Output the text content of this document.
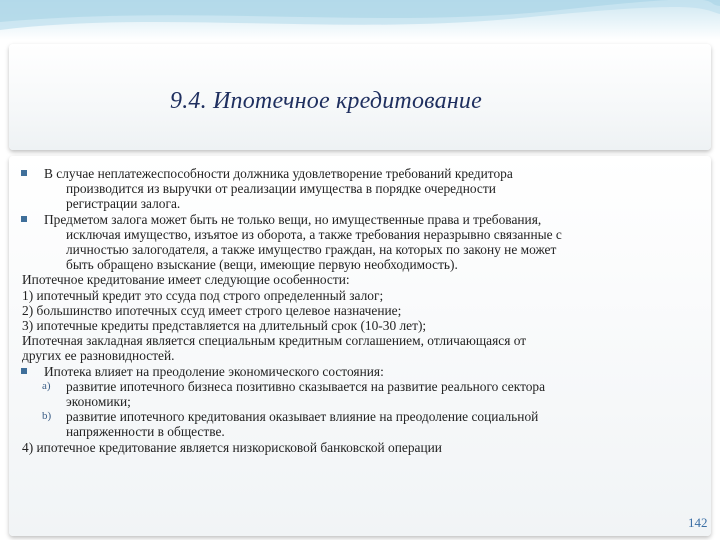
9.4. Ипотечное кредитование
В случае неплатежеспособности должника удовлетворение требований кредитора
производится из выручки от реализации имущества в порядке очередности
регистрации залога.
Предметом залога может быть не только вещи, но имущественные права и требования,
исключая имущество, изъятое из оборота, а также требования неразрывно связанные с
личностью залогодателя, а также имущество граждан, на которых по закону не может
быть обращено взыскание (вещи, имеющие первую необходимость).
Ипотечное кредитование имеет следующие особенности:
1) ипотечный кредит это ссуда под строго определенный залог;
2) большинство ипотечных ссуд имеет строго целевое назначение;
3) ипотечные кредиты представляется на длительный срок (10-30 лет);
Ипотечная закладная является специальным кредитным соглашением, отличающаяся от
других ее разновидностей.
Ипотека влияет на преодоление экономического состояния:
a) развитие ипотечного бизнеса позитивно сказывается на развитие реального сектора
экономики;
b) развитие ипотечного кредитования оказывает влияние на преодоление социальной
напряженности в обществе.
4) ипотечное кредитование является низкорисковой банковской операции
142
